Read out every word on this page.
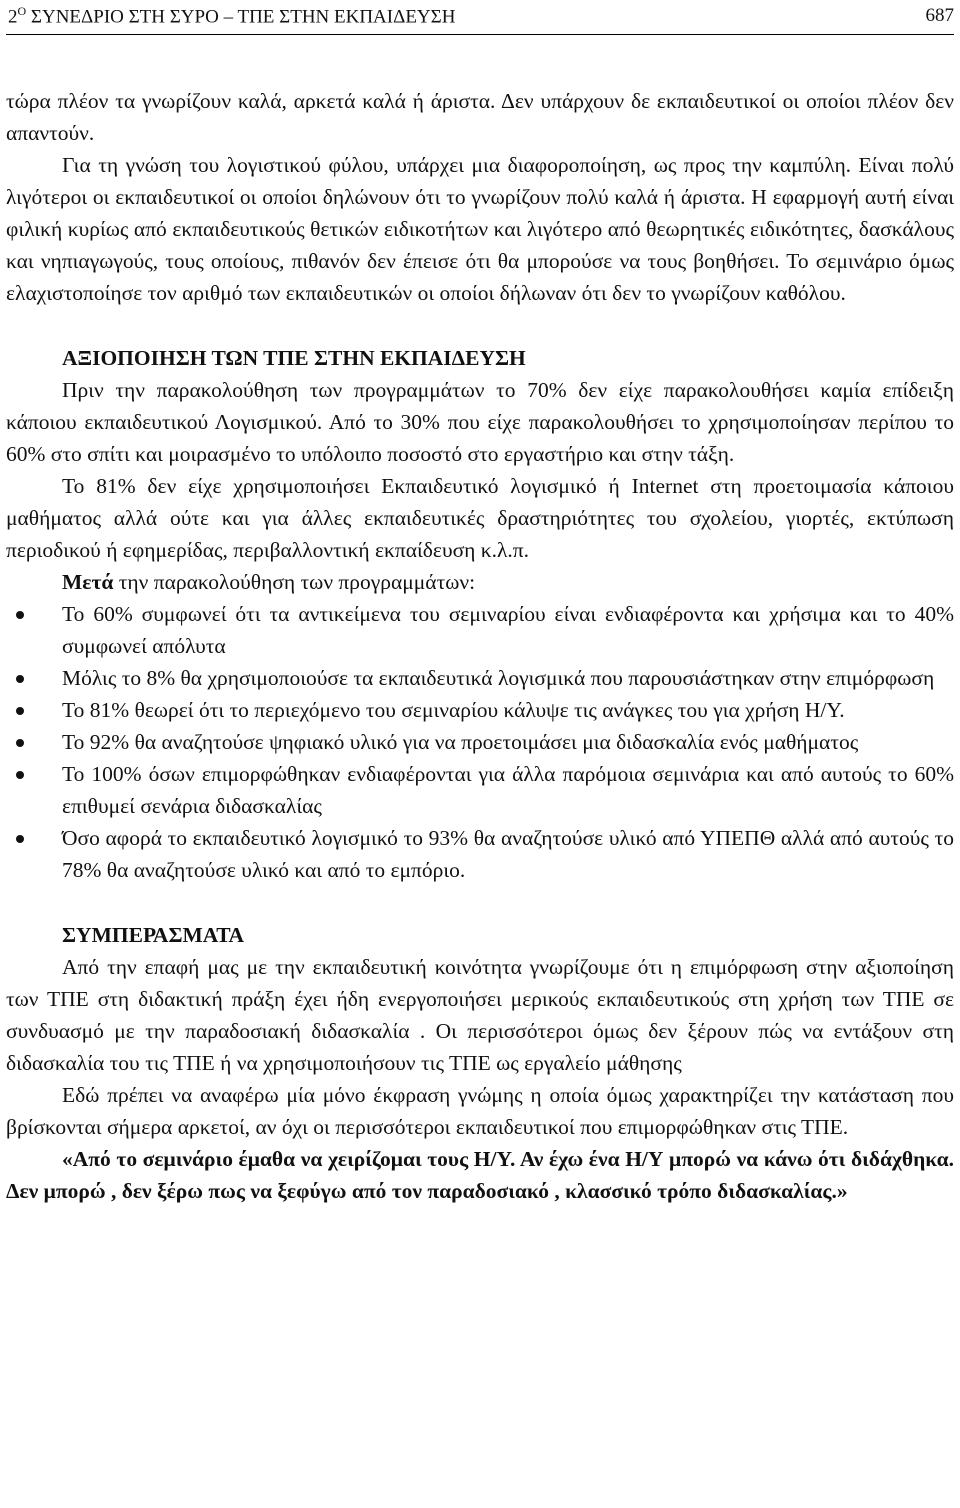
$2^O$ ΣΥΝΕΔΡΙΟ ΣΤΗ ΣΥΡΟ – ΤΠΕ ΣΤΗΝ ΕΚΠΑΙΔΕΥΣΗ	687

τώρα πλέον τα γνωρίζουν καλά, αρκετά καλά ή άριστα. Δεν υπάρχουν δε εκπαιδευτικοί οι οποίοι πλέον δεν απαντούν.

Για τη γνώση του λογιστικού φύλου, υπάρχει μια διαφοροποίηση, ως προς την καμπύλη. Είναι πολύ λιγότεροι οι εκπαιδευτικοί οι οποίοι δηλώνουν ότι το γνωρίζουν πολύ καλά ή άριστα. Η εφαρμογή αυτή είναι φιλική κυρίως από εκπαιδευτικούς θετικών ειδικοτήτων και λιγότερο από θεωρητικές ειδικότητες, δασκάλους και νηπιαγωγούς, τους οποίους, πιθανόν δεν έπεισε ότι θα μπορούσε να τους βοηθήσει. Το σεμινάριο όμως ελαχιστοποίησε τον αριθμό των εκπαιδευτικών οι οποίοι δήλωναν ότι δεν το γνωρίζουν καθόλου.

ΑΞΙΟΠΟΙΗΣΗ ΤΩΝ ΤΠΕ ΣΤΗΝ ΕΚΠΑΙΔΕΥΣΗ

Πριν την παρακολούθηση των προγραμμάτων το 70% δεν είχε παρακολουθήσει καμία επίδειξη κάποιου εκπαιδευτικού Λογισμικού. Από το 30% που είχε παρακολουθήσει το χρησιμοποίησαν περίπου το 60% στο σπίτι και μοιρασμένο το υπόλοιπο ποσοστό στο εργαστήριο και στην τάξη.

Το 81% δεν είχε χρησιμοποιήσει Εκπαιδευτικό λογισμικό ή Internet στη προετοιμασία κάποιου μαθήματος αλλά ούτε και για άλλες εκπαιδευτικές δραστηριότητες του σχολείου, γιορτές, εκτύπωση περιοδικού ή εφημερίδας, περιβαλλοντική εκπαίδευση κ.λ.π.

Μετά την παρακολούθηση των προγραμμάτων:

Το 60% συμφωνεί ότι τα αντικείμενα του σεμιναρίου είναι ενδιαφέροντα και χρήσιμα και το 40% συμφωνεί απόλυτα
Μόλις το 8% θα χρησιμοποιούσε τα εκπαιδευτικά λογισμικά που παρουσιάστηκαν στην επιμόρφωση
Το 81% θεωρεί ότι το περιεχόμενο του σεμιναρίου κάλυψε τις ανάγκες του για χρήση Η/Υ.
Το 92% θα αναζητούσε ψηφιακό υλικό για να προετοιμάσει μια διδασκαλία ενός μαθήματος
Το 100% όσων επιμορφώθηκαν ενδιαφέρονται για άλλα παρόμοια σεμινάρια και από αυτούς το 60% επιθυμεί σενάρια διδασκαλίας
Όσο αφορά το εκπαιδευτικό λογισμικό το 93% θα αναζητούσε υλικό από ΥΠΕΠΘ αλλά από αυτούς το 78% θα αναζητούσε υλικό και από το εμπόριο.

ΣΥΜΠΕΡΑΣΜΑΤΑ

Από την επαφή μας με την εκπαιδευτική κοινότητα γνωρίζουμε ότι η επιμόρφωση στην αξιοποίηση των ΤΠΕ στη διδακτική πράξη έχει ήδη ενεργοποιήσει μερικούς εκπαιδευτικούς στη χρήση των ΤΠΕ σε συνδυασμό με την παραδοσιακή διδασκαλία . Οι περισσότεροι όμως δεν ξέρουν πώς να εντάξουν στη διδασκαλία του τις ΤΠΕ ή να χρησιμοποιήσουν τις ΤΠΕ ως εργαλείο μάθησης

Εδώ πρέπει να αναφέρω μία μόνο έκφραση γνώμης η οποία όμως χαρακτηρίζει την κατάσταση που βρίσκονται σήμερα αρκετοί, αν όχι οι περισσότεροι εκπαιδευτικοί που επιμορφώθηκαν στις ΤΠΕ.

«Από το σεμινάριο έμαθα να χειρίζομαι τους Η/Υ. Αν έχω ένα Η/Υ μπορώ να κάνω ότι διδάχθηκα. Δεν μπορώ , δεν ξέρω πως να ξεφύγω από τον παραδοσιακό , κλασσικό τρόπο διδασκαλίας.»
